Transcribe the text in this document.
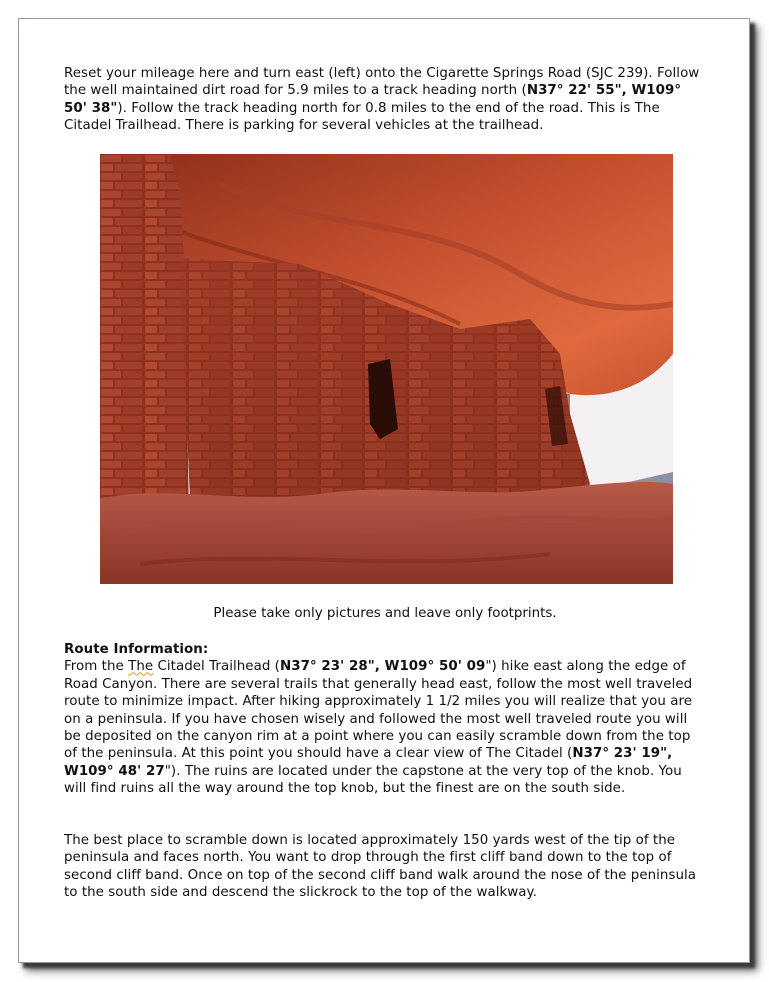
Reset your mileage here and turn east (left) onto the Cigarette Springs Road (SJC 239). Follow the well maintained dirt road for 5.9 miles to a track heading north (N37° 22' 55", W109° 50' 38"). Follow the track heading north for 0.8 miles to the end of the road. This is The Citadel Trailhead. There is parking for several vehicles at the trailhead.
Please take only pictures and leave only footprints.
Route Information:
From the The Citadel Trailhead (N37° 23' 28", W109° 50' 09") hike east along the edge of Road Canyon. There are several trails that generally head east, follow the most well traveled route to minimize impact. After hiking approximately 1 1/2 miles you will realize that you are on a peninsula. If you have chosen wisely and followed the most well traveled route you will be deposited on the canyon rim at a point where you can easily scramble down from the top of the peninsula. At this point you should have a clear view of The Citadel (N37° 23' 19", W109° 48' 27"). The ruins are located under the capstone at the very top of the knob. You will find ruins all the way around the top knob, but the finest are on the south side.
The best place to scramble down is located approximately 150 yards west of the tip of the peninsula and faces north. You want to drop through the first cliff band down to the top of second cliff band. Once on top of the second cliff band walk around the nose of the peninsula to the south side and descend the slickrock to the top of the walkway.
